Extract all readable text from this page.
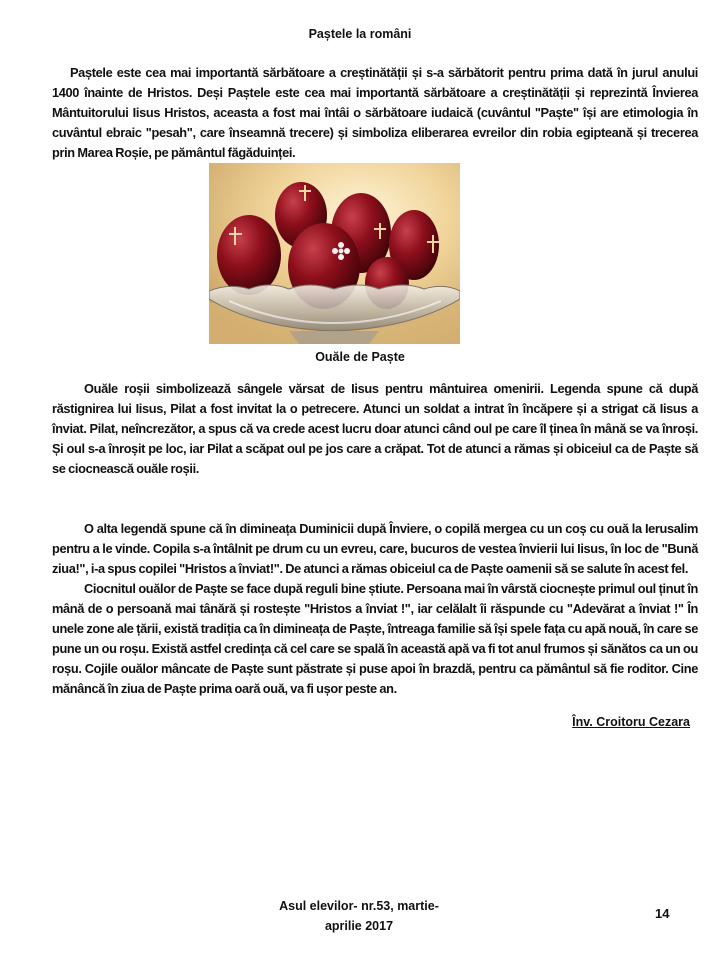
Paștele la români

Paștele este cea mai importantă sărbătoare a creștinătății și s-a sărbătorit pentru prima dată în jurul anului 1400 înainte de Hristos. Deși Paștele este cea mai importantă sărbătoare a creștinătății și reprezintă Învierea Mântuitorului Iisus Hristos, aceasta a fost mai întâi o sărbătoare iudaică (cuvântul "Paște" își are etimologia în cuvântul ebraic "pesah", care înseamnă trecere) și simboliza eliberarea evreilor din robia egipteană și trecerea prin Marea Roșie, pe pământul făgăduinței.

Ouăle de Paște

Ouăle roșii simbolizează sângele vărsat de Iisus pentru mântuirea omenirii. Legenda spune că după răstignirea lui Iisus, Pilat a fost invitat la o petrecere. Atunci un soldat a intrat în încăpere și a strigat că Iisus a înviat. Pilat, neîncrezător, a spus că va crede acest lucru doar atunci când oul pe care îl ținea în mână se va înroși. Și oul s-a înroșit pe loc, iar Pilat a scăpat oul pe jos care a crăpat. Tot de atunci a rămas și obiceiul ca de Paște să se ciocnească ouăle roșii.

O alta legendă spune că în dimineața Duminicii după Înviere, o copilă mergea cu un coș cu ouă la Ierusalim pentru a le vinde. Copila s-a întâlnit pe drum cu un evreu, care, bucuros de vestea învierii lui Iisus, în loc de "Bună ziua!", i-a spus copilei "Hristos a înviat!". De atunci a rămas obiceiul ca de Paște oamenii să se salute în acest fel.

Ciocnitul ouălor de Paște se face după reguli bine știute. Persoana mai în vârstă ciocnește primul oul ținut în mână de o persoană mai tânără și rostește "Hristos a înviat !", iar celălalt îi răspunde cu "Adevărat a înviat !" În unele zone ale țării, există tradiția ca în dimineața de Paște, întreaga familie să își spele fața cu apă nouă, în care se pune un ou roșu. Există astfel credința că cel care se spală în această apă va fi tot anul frumos și sănătos ca un ou roșu. Cojile ouălor mâncate de Paște sunt păstrate și puse apoi în brazdă, pentru ca pământul să fie roditor. Cine mănâncă în ziua de Paște prima oară ouă, va fi ușor peste an.

Înv. Croitoru Cezara
Asul elevilor- nr.53, martie-
aprilie 2017
14
